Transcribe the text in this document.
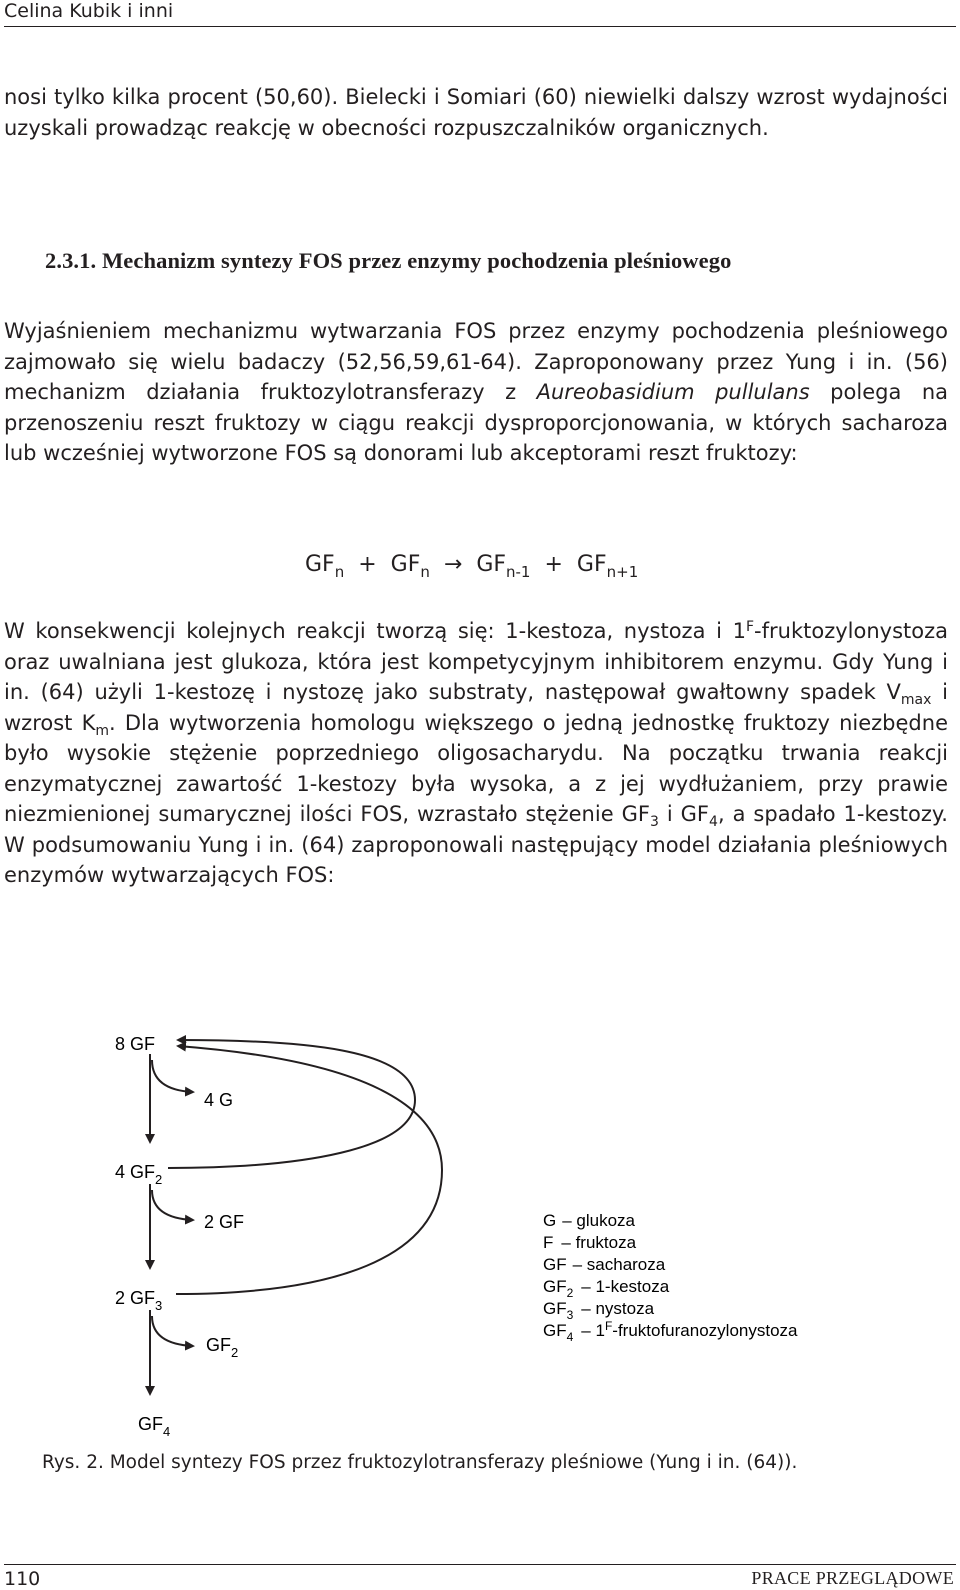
Celina Kubik i inni

nosi tylko kilka procent (50,60). Bielecki i Somiari (60) niewielki dalszy wzrost wydajności uzyskali prowadząc reakcję w obecności rozpuszczalników organicznych.

2.3.1. Mechanizm syntezy FOS przez enzymy pochodzenia pleśniowego

Wyjaśnieniem mechanizmu wytwarzania FOS przez enzymy pochodzenia pleśniowego zajmowało się wielu badaczy (52,56,59,61-64). Zaproponowany przez Yung i in. (56) mechanizm działania fruktozylotransferazy z Aureobasidium pullulans polega na przenoszeniu reszt fruktozy w ciągu reakcji dysproporcjonowania, w których sacharoza lub wcześniej wytworzone FOS są donorami lub akceptorami reszt fruktozy:

$GF_n + GF_n \to GF_{n-1} + GF_{n+1}$

W konsekwencji kolejnych reakcji tworzą się: 1-kestoza, nystoza i $1^F$-fruktozylonystoza oraz uwalniana jest glukoza, która jest kompetycyjnym inhibitorem enzymu. Gdy Yung i in. (64) użyli 1-kestozę i nystozę jako substraty, następował gwałtowny spadek $V_{max}$ i wzrost $K_m$. Dla wytworzenia homologu większego o jedną jednostkę fruktozy niezbędne było wysokie stężenie poprzedniego oligosacharydu. Na początku trwania reakcji enzymatycznej zawartość 1-kestozy była wysoka, a z jej wydłużaniem, przy prawie niezmienionej sumarycznej ilości FOS, wzrastało stężenie $GF_3$ i $GF_4$, a spadało 1-kestozy. W podsumowaniu Yung i in. (64) zaproponowali następujący model działania pleśniowych enzymów wytwarzających FOS:

8 GF
4 $GF_2$
2 $GF_3$
$GF_4$
4 G
2 GF
$GF_2$
G – glukoza
F – fruktoza
GF – sacharoza
$GF_2$ – 1-kestoza
$GF_3$ – nystoza
$GF_4$ – $1^F$-fruktofuranozylonystoza
Rys. 2. Model syntezy FOS przez fruktozylotransferazy pleśniowe (Yung i in. (64)).
110	PRACE PRZEGLĄDOWE
